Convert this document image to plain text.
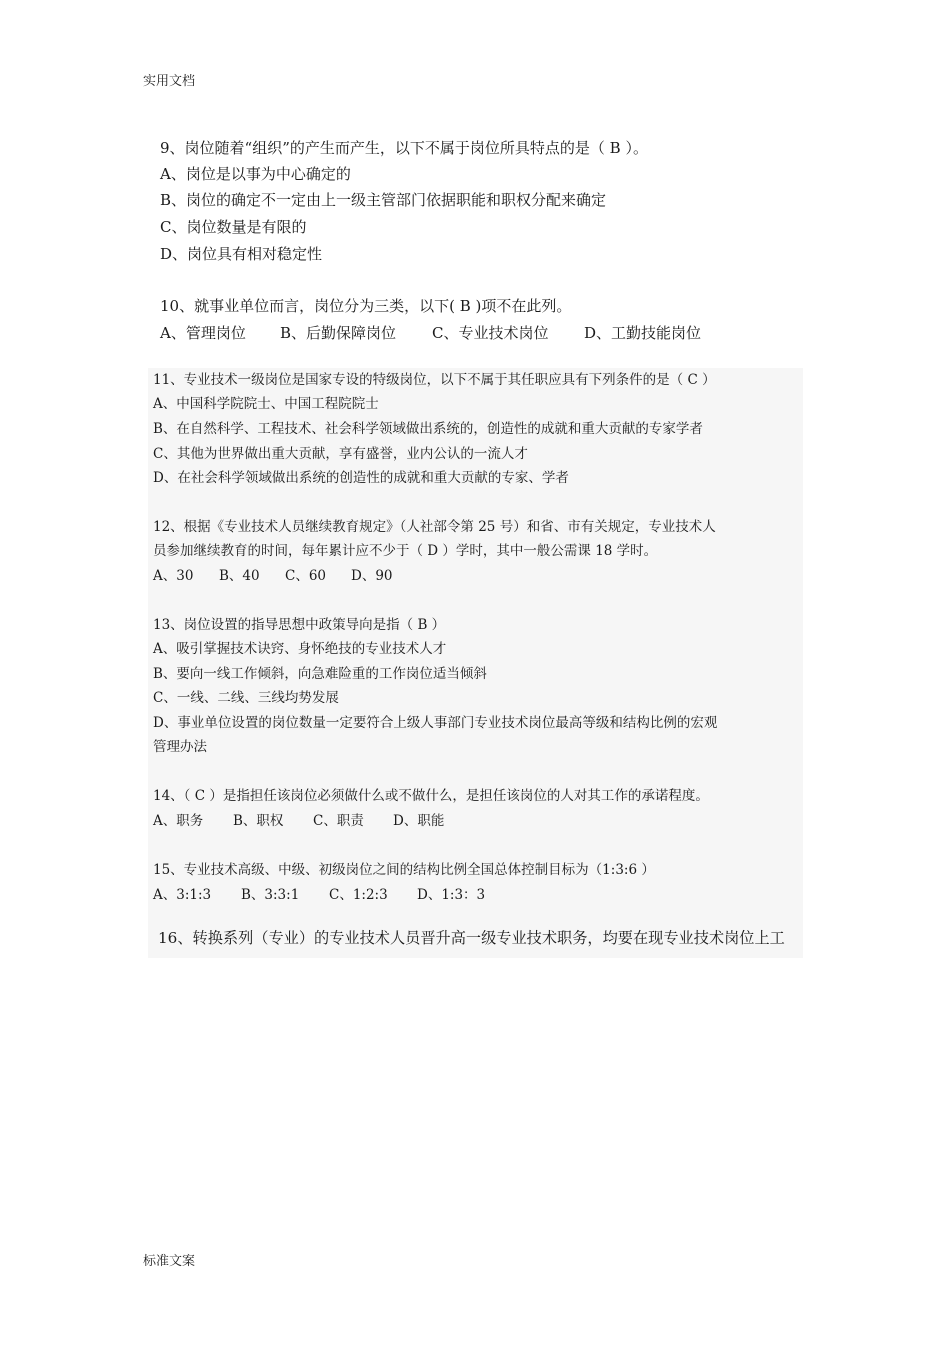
实用文档
9、岗位随着“组织”的产生而产生，以下不属于岗位所具特点的是（ B ）。
A、岗位是以事为中心确定的
B、岗位的确定不一定由上一级主管部门依据职能和职权分配来确定
C、岗位数量是有限的
D、岗位具有相对稳定性
10、就事业单位而言，岗位分为三类，以下( B )项不在此列。
A、管理岗位 B、后勤保障岗位 C、专业技术岗位 D、工勤技能岗位
11、专业技术一级岗位是国家专设的特级岗位，以下不属于其任职应具有下列条件的是（ C ）
A、中国科学院院士、中国工程院院士
B、在自然科学、工程技术、社会科学领域做出系统的，创造性的成就和重大贡献的专家学者
C、其他为世界做出重大贡献，享有盛誉，业内公认的一流人才
D、在社会科学领域做出系统的创造性的成就和重大贡献的专家、学者
12、根据《专业技术人员继续教育规定》（人社部令第 25 号）和省、市有关规定，专业技术人
员参加继续教育的时间，每年累计应不少于（ D ）学时，其中一般公需课 18 学时。
A、30 B、40 C、60 D、90
13、岗位设置的指导思想中政策导向是指（ B ）
A、吸引掌握技术诀窍、身怀绝技的专业技术人才
B、要向一线工作倾斜，向急难险重的工作岗位适当倾斜
C、一线、二线、三线均势发展
D、事业单位设置的岗位数量一定要符合上级人事部门专业技术岗位最高等级和结构比例的宏观
管理办法
14、（ C ）是指担任该岗位必须做什么或不做什么，是担任该岗位的人对其工作的承诺程度。
A、职务 B、职权 C、职责 D、职能
15、专业技术高级、中级、初级岗位之间的结构比例全国总体控制目标为（1:3:6 ）
A、3:1:3 B、3:3:1 C、1:2:3 D、1:3：3
16、转换系列（专业）的专业技术人员晋升高一级专业技术职务，均要在现专业技术岗位上工
标准文案
